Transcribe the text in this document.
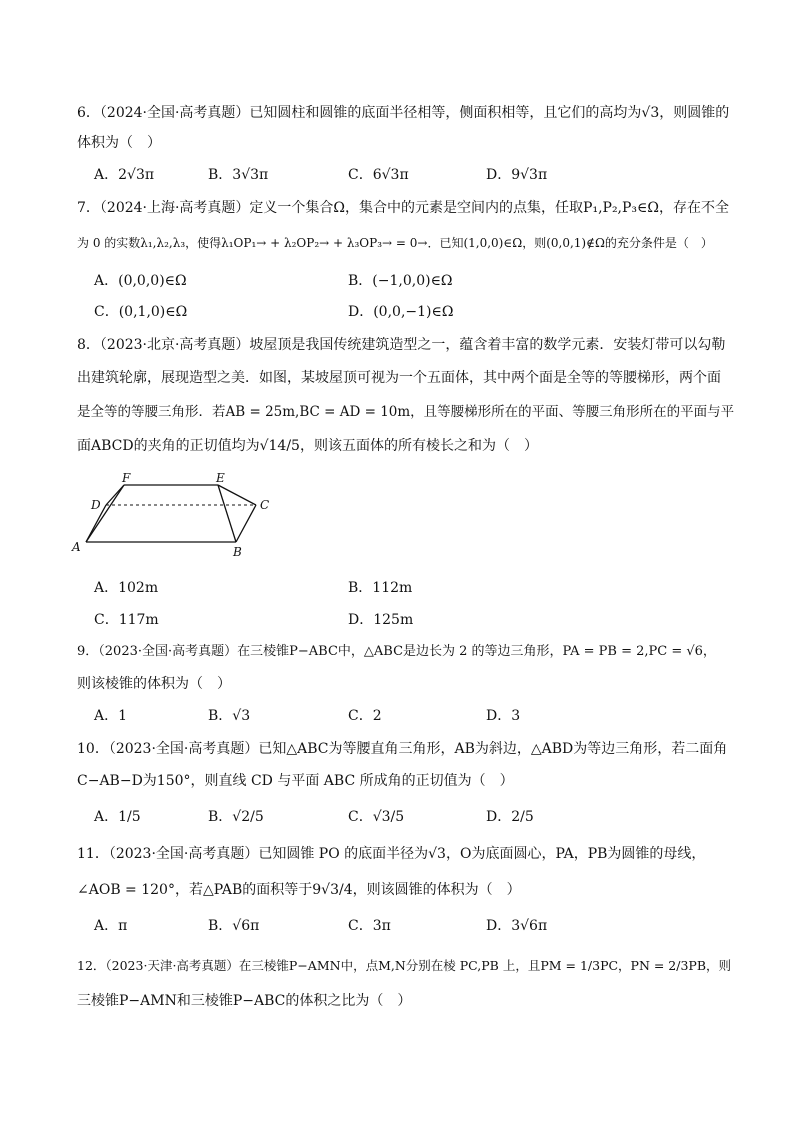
6．（2024·全国·高考真题）已知圆柱和圆锥的底面半径相等，侧面积相等，且它们的高均为√3，则圆锥的
体积为（　）
A．2√3π	B．3√3π	C．6√3π	D．9√3π
7．（2024·上海·高考真题）定义一个集合Ω，集合中的元素是空间内的点集，任取P₁,P₂,P₃∈Ω，存在不全
为 0 的实数λ₁,λ₂,λ₃，使得λ₁OP₁→ + λ₂OP₂→ + λ₃OP₃→ = 0→．已知(1,0,0)∈Ω，则(0,0,1)∉Ω的充分条件是（　）
A．(0,0,0)∈Ω	B．(−1,0,0)∈Ω
C．(0,1,0)∈Ω	D．(0,0,−1)∈Ω
8．（2023·北京·高考真题）坡屋顶是我国传统建筑造型之一，蕴含着丰富的数学元素．安装灯带可以勾勒
出建筑轮廓，展现造型之美．如图，某坡屋顶可视为一个五面体，其中两个面是全等的等腰梯形，两个面
是全等的等腰三角形．若AB = 25m,BC = AD = 10m，且等腰梯形所在的平面、等腰三角形所在的平面与平
面ABCD的夹角的正切值均为√14/5，则该五面体的所有棱长之和为（　）
F	E
D	C
A	B
A．102m	B．112m
C．117m	D．125m
9．（2023·全国·高考真题）在三棱锥P−ABC中，△ABC是边长为 2 的等边三角形，PA = PB = 2,PC = √6，
则该棱锥的体积为（　）
A．1	B．√3	C．2	D．3
10．（2023·全国·高考真题）已知△ABC为等腰直角三角形，AB为斜边，△ABD为等边三角形，若二面角
C−AB−D为150°，则直线 CD 与平面 ABC 所成角的正切值为（　）
A．1/5	B．√2/5	C．√3/5	D．2/5
11．（2023·全国·高考真题）已知圆锥 PO 的底面半径为√3，O为底面圆心，PA，PB为圆锥的母线，
∠AOB = 120°，若△PAB的面积等于9√3/4，则该圆锥的体积为（　）
A．π	B．√6π	C．3π	D．3√6π
12．（2023·天津·高考真题）在三棱锥P−AMN中，点M,N分别在棱 PC,PB 上，且PM = 1/3PC，PN = 2/3PB，则
三棱锥P−AMN和三棱锥P−ABC的体积之比为（　）
